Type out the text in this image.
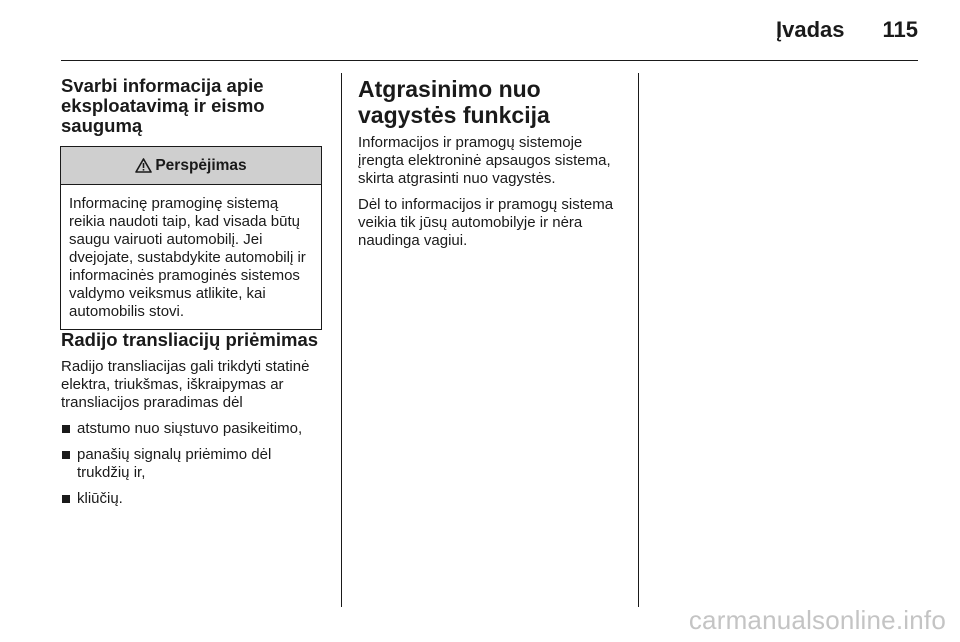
Įvadas 115
Svarbi informacija apie eksploatavimą ir eismo saugumą
Perspėjimas
Informacinę pramoginę sistemą reikia naudoti taip, kad visada būtų saugu vairuoti automobilį. Jei dvejojate, sustabdykite automobilį ir informacinės pramoginės sistemos valdymo veiksmus atlikite, kai automobilis stovi.
Radijo transliacijų priėmimas

Radijo transliacijas gali trikdyti statinė elektra, triukšmas, iškraipymas ar transliacijos praradimas dėl

atstumo nuo siųstuvo pasikeitimo,
panašių signalų priėmimo dėl trukdžių ir,
kliūčių.
Atgrasinimo nuo vagystės funkcija

Informacijos ir pramogų sistemoje įrengta elektroninė apsaugos sistema, skirta atgrasinti nuo vagystės.

Dėl to informacijos ir pramogų sistema veikia tik jūsų automobilyje ir nėra naudinga vagiui.

carmanualsonline.info
